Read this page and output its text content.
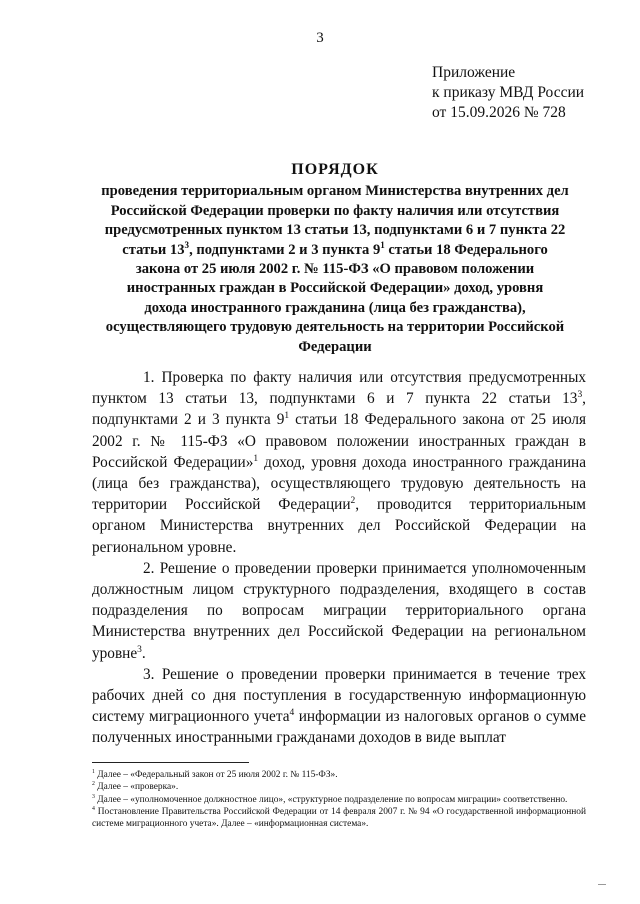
3
Приложение
к приказу МВД России
от 15.09.2026 № 728
ПОРЯДОК
проведения территориальным органом Министерства внутренних дел
Российской Федерации проверки по факту наличия или отсутствия
предусмотренных пунктом 13 статьи 13, подпунктами 6 и 7 пункта 22
статьи $13^3$, подпунктами 2 и 3 пункта $9^1$ статьи 18 Федерального
закона от 25 июля 2002 г. № 115-ФЗ «О правовом положении
иностранных граждан в Российской Федерации» доход, уровня
дохода иностранного гражданина (лица без гражданства),
осуществляющего трудовую деятельность на территории Российской
Федерации

1. Проверка по факту наличия или отсутствия предусмотренных пунктом 13 статьи 13, подпунктами 6 и 7 пункта 22 статьи $13^3$, подпунктами 2 и 3 пункта $9^1$ статьи 18 Федерального закона от 25 июля 2002 г. № 115-ФЗ «О правовом положении иностранных граждан в Российской Федерации»$^1$ доход, уровня дохода иностранного гражданина (лица без гражданства), осуществляющего трудовую деятельность на территории Российской Федерации$^2$, проводится территориальным органом Министерства внутренних дел Российской Федерации на региональном уровне.

2. Решение о проведении проверки принимается уполномоченным должностным лицом структурного подразделения, входящего в состав подразделения по вопросам миграции территориального органа Министерства внутренних дел Российской Федерации на региональном уровне$^3$.

3. Решение о проведении проверки принимается в течение трех рабочих дней со дня поступления в государственную информационную систему миграционного учета$^4$ информации из налоговых органов о сумме полученных иностранными гражданами доходов в виде выплат

$^1$ Далее – «Федеральный закон от 25 июля 2002 г. № 115-ФЗ».

$^2$ Далее – «проверка».

$^3$ Далее – «уполномоченное должностное лицо», «структурное подразделение по вопросам миграции» соответственно.

$^4$ Постановление Правительства Российской Федерации от 14 февраля 2007 г. № 94 «О государственной информационной системе миграционного учета». Далее – «информационная система».
